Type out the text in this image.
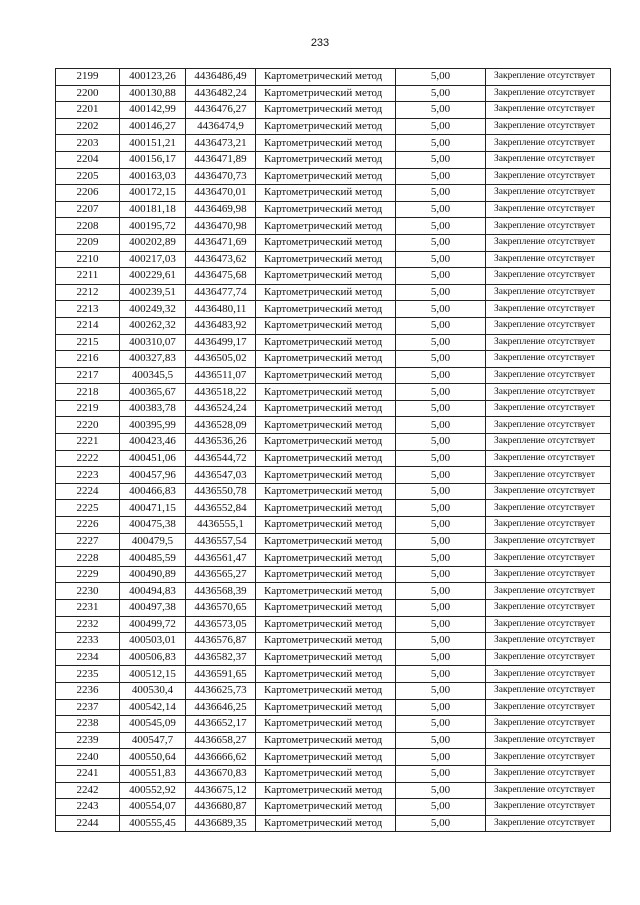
233
2199	400123,26	4436486,49	Картометрический метод	5,00	Закрепление отсутствует
2200	400130,88	4436482,24	Картометрический метод	5,00	Закрепление отсутствует
2201	400142,99	4436476,27	Картометрический метод	5,00	Закрепление отсутствует
2202	400146,27	4436474,9	Картометрический метод	5,00	Закрепление отсутствует
2203	400151,21	4436473,21	Картометрический метод	5,00	Закрепление отсутствует
2204	400156,17	4436471,89	Картометрический метод	5,00	Закрепление отсутствует
2205	400163,03	4436470,73	Картометрический метод	5,00	Закрепление отсутствует
2206	400172,15	4436470,01	Картометрический метод	5,00	Закрепление отсутствует
2207	400181,18	4436469,98	Картометрический метод	5,00	Закрепление отсутствует
2208	400195,72	4436470,98	Картометрический метод	5,00	Закрепление отсутствует
2209	400202,89	4436471,69	Картометрический метод	5,00	Закрепление отсутствует
2210	400217,03	4436473,62	Картометрический метод	5,00	Закрепление отсутствует
2211	400229,61	4436475,68	Картометрический метод	5,00	Закрепление отсутствует
2212	400239,51	4436477,74	Картометрический метод	5,00	Закрепление отсутствует
2213	400249,32	4436480,11	Картометрический метод	5,00	Закрепление отсутствует
2214	400262,32	4436483,92	Картометрический метод	5,00	Закрепление отсутствует
2215	400310,07	4436499,17	Картометрический метод	5,00	Закрепление отсутствует
2216	400327,83	4436505,02	Картометрический метод	5,00	Закрепление отсутствует
2217	400345,5	4436511,07	Картометрический метод	5,00	Закрепление отсутствует
2218	400365,67	4436518,22	Картометрический метод	5,00	Закрепление отсутствует
2219	400383,78	4436524,24	Картометрический метод	5,00	Закрепление отсутствует
2220	400395,99	4436528,09	Картометрический метод	5,00	Закрепление отсутствует
2221	400423,46	4436536,26	Картометрический метод	5,00	Закрепление отсутствует
2222	400451,06	4436544,72	Картометрический метод	5,00	Закрепление отсутствует
2223	400457,96	4436547,03	Картометрический метод	5,00	Закрепление отсутствует
2224	400466,83	4436550,78	Картометрический метод	5,00	Закрепление отсутствует
2225	400471,15	4436552,84	Картометрический метод	5,00	Закрепление отсутствует
2226	400475,38	4436555,1	Картометрический метод	5,00	Закрепление отсутствует
2227	400479,5	4436557,54	Картометрический метод	5,00	Закрепление отсутствует
2228	400485,59	4436561,47	Картометрический метод	5,00	Закрепление отсутствует
2229	400490,89	4436565,27	Картометрический метод	5,00	Закрепление отсутствует
2230	400494,83	4436568,39	Картометрический метод	5,00	Закрепление отсутствует
2231	400497,38	4436570,65	Картометрический метод	5,00	Закрепление отсутствует
2232	400499,72	4436573,05	Картометрический метод	5,00	Закрепление отсутствует
2233	400503,01	4436576,87	Картометрический метод	5,00	Закрепление отсутствует
2234	400506,83	4436582,37	Картометрический метод	5,00	Закрепление отсутствует
2235	400512,15	4436591,65	Картометрический метод	5,00	Закрепление отсутствует
2236	400530,4	4436625,73	Картометрический метод	5,00	Закрепление отсутствует
2237	400542,14	4436646,25	Картометрический метод	5,00	Закрепление отсутствует
2238	400545,09	4436652,17	Картометрический метод	5,00	Закрепление отсутствует
2239	400547,7	4436658,27	Картометрический метод	5,00	Закрепление отсутствует
2240	400550,64	4436666,62	Картометрический метод	5,00	Закрепление отсутствует
2241	400551,83	4436670,83	Картометрический метод	5,00	Закрепление отсутствует
2242	400552,92	4436675,12	Картометрический метод	5,00	Закрепление отсутствует
2243	400554,07	4436680,87	Картометрический метод	5,00	Закрепление отсутствует
2244	400555,45	4436689,35	Картометрический метод	5,00	Закрепление отсутствует
